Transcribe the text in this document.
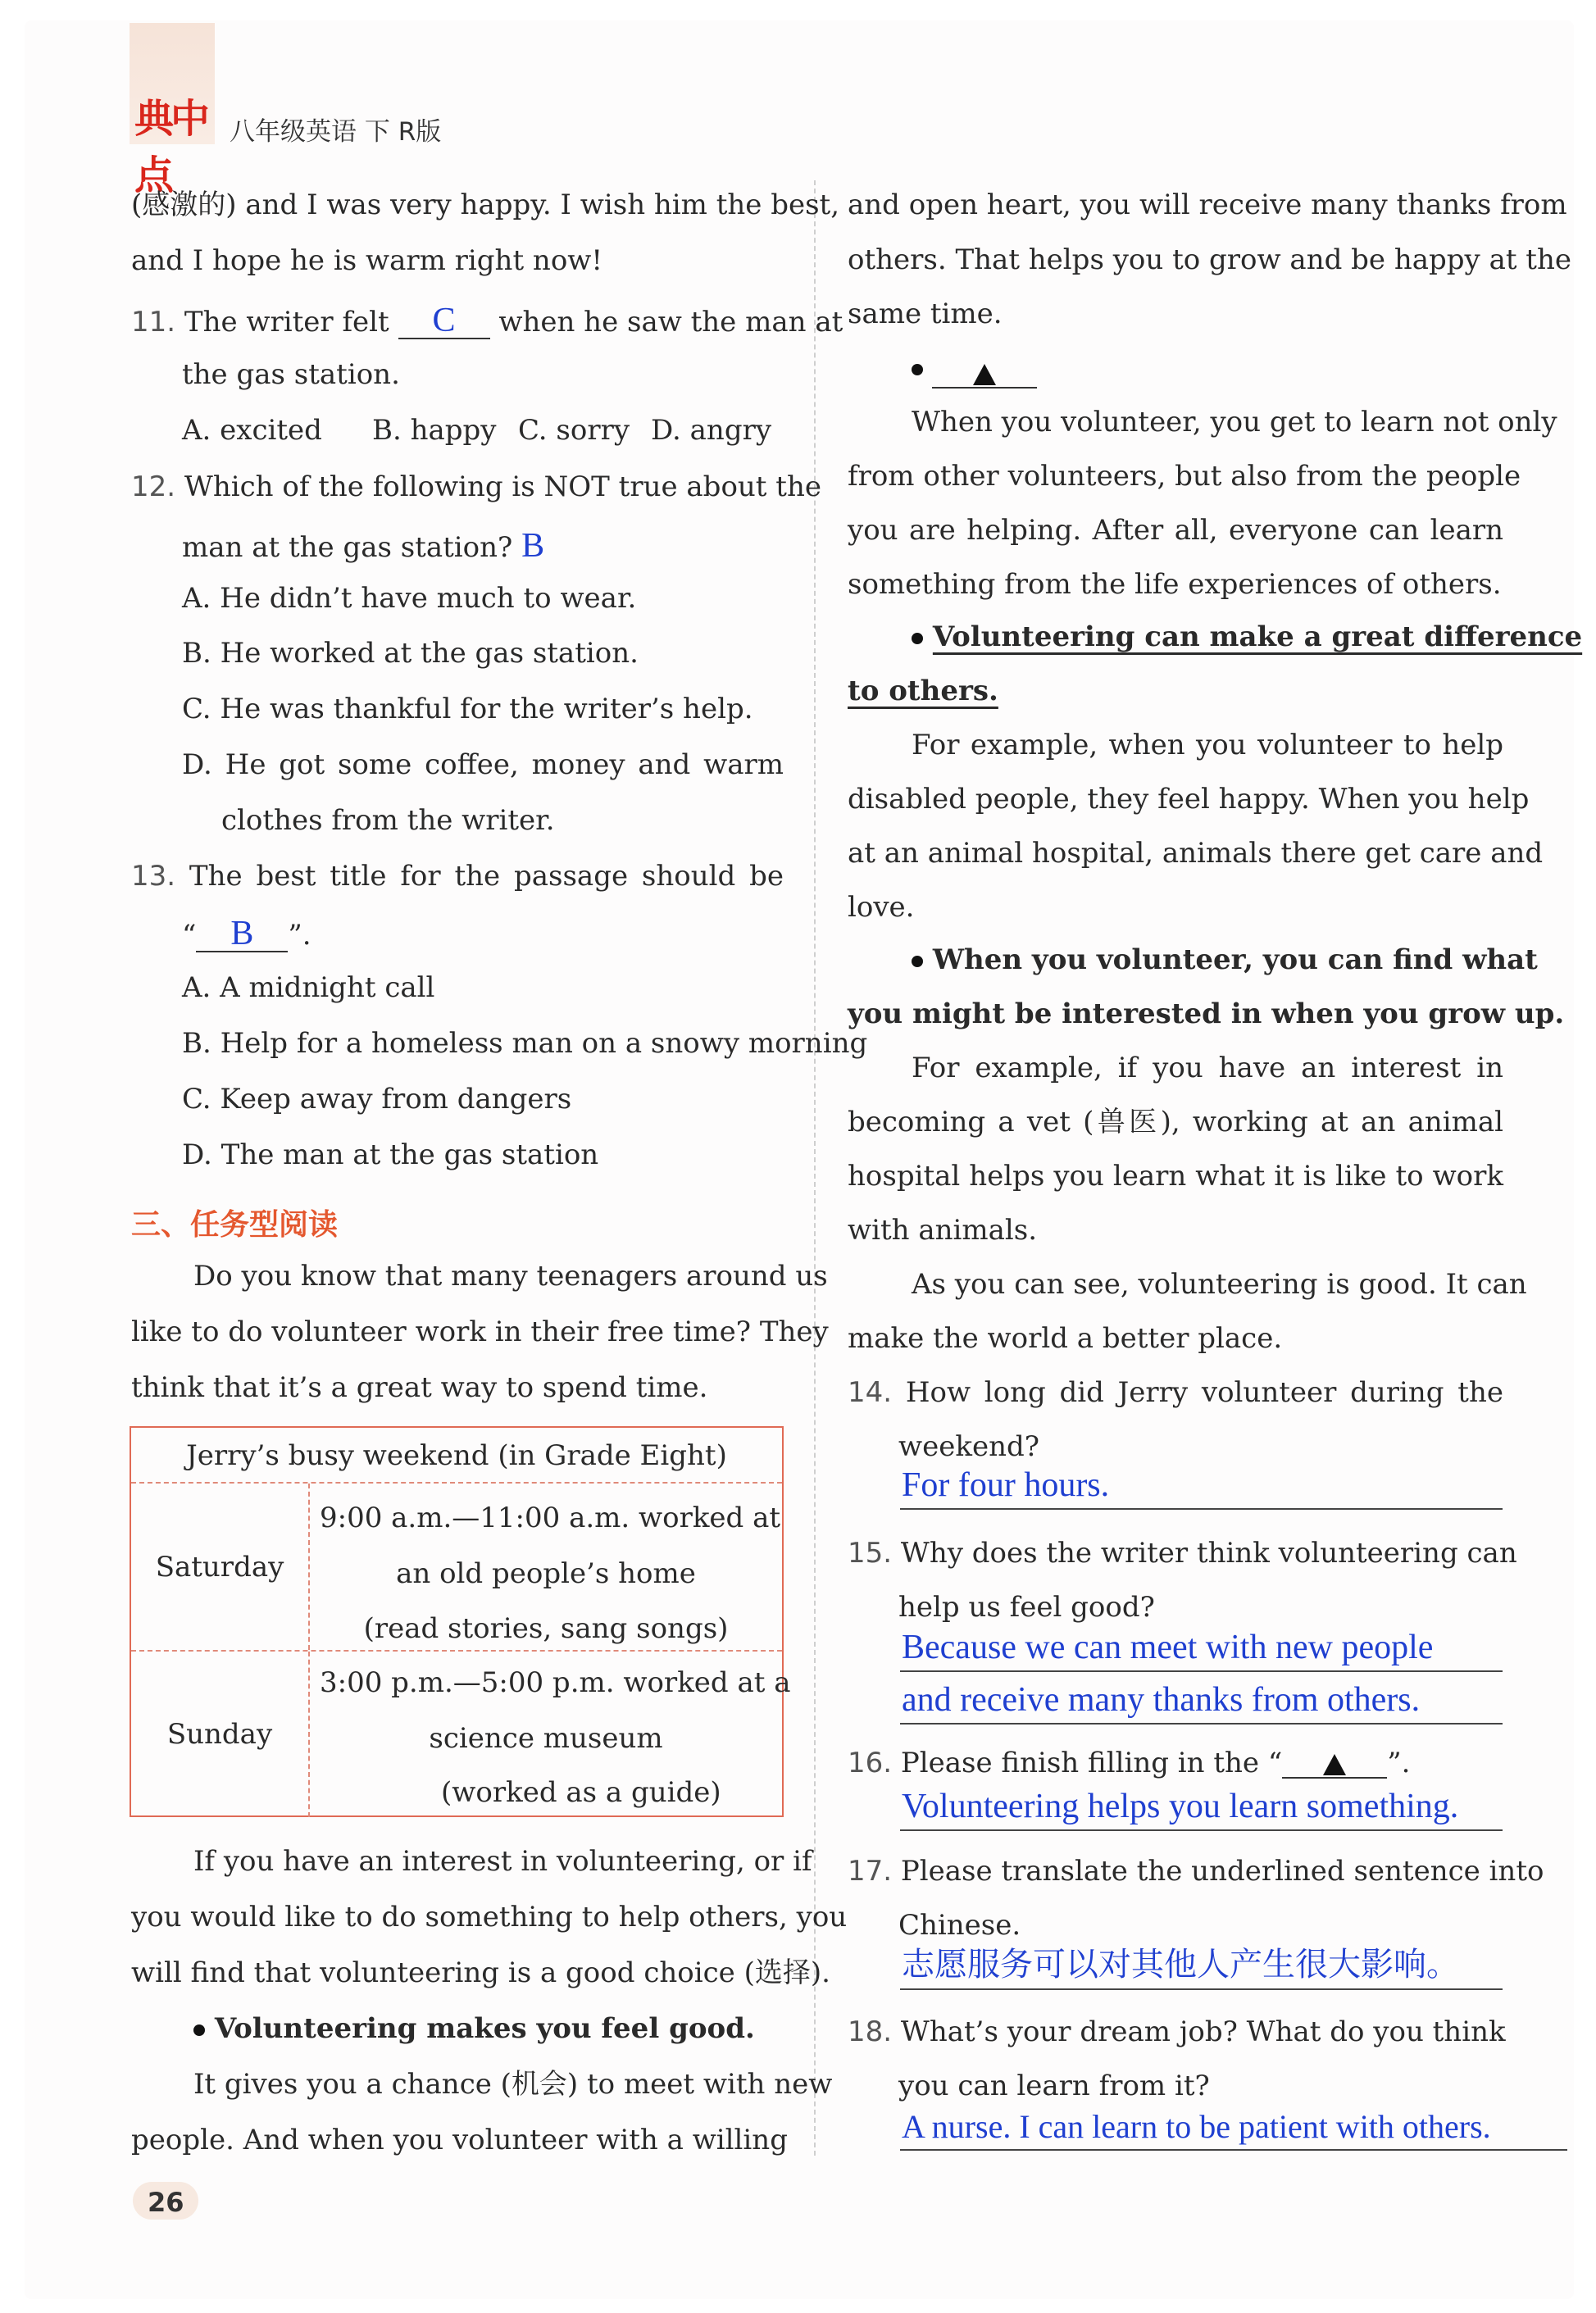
典中点
八年级英语 下 R版
(感激的) and I was very happy. I wish him the best,
and I hope he is warm right now!
11. The writer felt C when he saw the man at
the gas station.
A. excited B. happy C. sorry D. angry
12. Which of the following is NOT true about the
man at the gas station? B
A. He didn’t have much to wear.
B. He worked at the gas station.
C. He was thankful for the writer’s help.
D. He got some coffee, money and warm
clothes from the writer.
13. The best title for the passage should be
“ B ”.
A. A midnight call
B. Help for a homeless man on a snowy morning
C. Keep away from dangers
D. The man at the gas station
三、任务型阅读
Do you know that many teenagers around us
like to do volunteer work in their free time? They
think that it’s a great way to spend time.
Jerry’s busy weekend (in Grade Eight)
Saturday
9:00 a.m.—11:00 a.m. worked at
an old people’s home
(read stories, sang songs)
Sunday
3:00 p.m.—5:00 p.m. worked at a
science museum
(worked as a guide)
If you have an interest in volunteering, or if
you would like to do something to help others, you
will find that volunteering is a good choice (选择).
Volunteering makes you feel good.
It gives you a chance (机会) to meet with new
people. And when you volunteer with a willing
and open heart, you will receive many thanks from
others. That helps you to grow and be happy at the
same time.

When you volunteer, you get to learn not only
from other volunteers, but also from the people
you are helping. After all, everyone can learn
something from the life experiences of others.
Volunteering can make a great difference
to others.
For example, when you volunteer to help
disabled people, they feel happy. When you help
at an animal hospital, animals there get care and
love.
When you volunteer, you can find what
you might be interested in when you grow up.
For example, if you have an interest in
becoming a vet (兽医), working at an animal
hospital helps you learn what it is like to work
with animals.
As you can see, volunteering is good. It can
make the world a better place.
14. How long did Jerry volunteer during the
weekend?
For four hours.
15. Why does the writer think volunteering can
help us feel good?
Because we can meet with new people
and receive many thanks from others.
16. Please finish filling in the “	”.
Volunteering helps you learn something.
17. Please translate the underlined sentence into
Chinese.
志愿服务可以对其他人产生很大影响。
18. What’s your dream job? What do you think
you can learn from it?
A nurse. I can learn to be patient with others.
26
